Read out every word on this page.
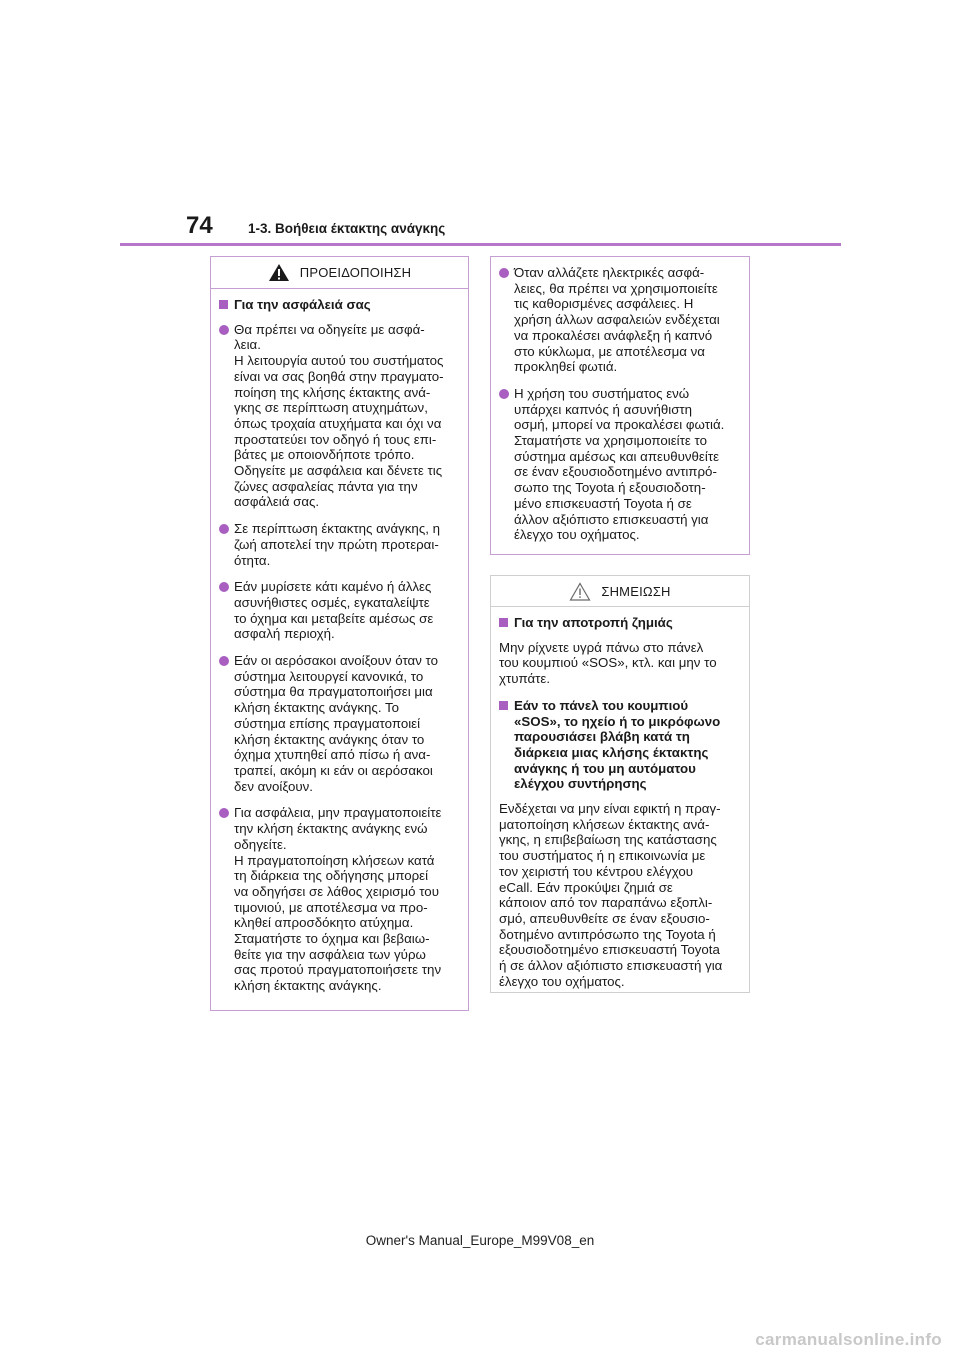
74	1-3. Βοήθεια έκτακτης ανάγκης
ΠΡΟΕΙΔΟΠΟΙΗΣΗ
Για την ασφάλειά σας
Θα πρέπει να οδηγείτε με ασφά-
λεια.
Η λειτουργία αυτού του συστήματος
είναι να σας βοηθά στην πραγματο-
ποίηση της κλήσης έκτακτης ανά-
γκης σε περίπτωση ατυχημάτων,
όπως τροχαία ατυχήματα και όχι να
προστατεύει τον οδηγό ή τους επι-
βάτες με οποιονδήποτε τρόπο.
Οδηγείτε με ασφάλεια και δένετε τις
ζώνες ασφαλείας πάντα για την
ασφάλειά σας.
Σε περίπτωση έκτακτης ανάγκης, η
ζωή αποτελεί την πρώτη προτεραι-
ότητα.
Εάν μυρίσετε κάτι καμένο ή άλλες
ασυνήθιστες οσμές, εγκαταλείψτε
το όχημα και μεταβείτε αμέσως σε
ασφαλή περιοχή.
Εάν οι αερόσακοι ανοίξουν όταν το
σύστημα λειτουργεί κανονικά, το
σύστημα θα πραγματοποιήσει μια
κλήση έκτακτης ανάγκης. Το
σύστημα επίσης πραγματοποιεί
κλήση έκτακτης ανάγκης όταν το
όχημα χτυπηθεί από πίσω ή ανα-
τραπεί, ακόμη κι εάν οι αερόσακοι
δεν ανοίξουν.
Για ασφάλεια, μην πραγματοποιείτε
την κλήση έκτακτης ανάγκης ενώ
οδηγείτε.
Η πραγματοποίηση κλήσεων κατά
τη διάρκεια της οδήγησης μπορεί
να οδηγήσει σε λάθος χειρισμό του
τιμονιού, με αποτέλεσμα να προ-
κληθεί απροσδόκητο ατύχημα.
Σταματήστε το όχημα και βεβαιω-
θείτε για την ασφάλεια των γύρω
σας προτού πραγματοποιήσετε την
κλήση έκτακτης ανάγκης.
Όταν αλλάζετε ηλεκτρικές ασφά-
λειες, θα πρέπει να χρησιμοποιείτε
τις καθορισμένες ασφάλειες. Η
χρήση άλλων ασφαλειών ενδέχεται
να προκαλέσει ανάφλεξη ή καπνό
στο κύκλωμα, με αποτέλεσμα να
προκληθεί φωτιά.
Η χρήση του συστήματος ενώ
υπάρχει καπνός ή ασυνήθιστη
οσμή, μπορεί να προκαλέσει φωτιά.
Σταματήστε να χρησιμοποιείτε το
σύστημα αμέσως και απευθυνθείτε
σε έναν εξουσιοδοτημένο αντιπρό-
σωπο της Toyota ή εξουσιοδοτη-
μένο επισκευαστή Toyota ή σε
άλλον αξιόπιστο επισκευαστή για
έλεγχο του οχήματος.
ΣΗΜΕΙΩΣΗ
Για την αποτροπή ζημιάς
Μην ρίχνετε υγρά πάνω στο πάνελ
του κουμπιού «SOS», κτλ. και μην το
χτυπάτε.
Εάν το πάνελ του κουμπιού
«SOS», το ηχείο ή το μικρόφωνο
παρουσιάσει βλάβη κατά τη
διάρκεια μιας κλήσης έκτακτης
ανάγκης ή του μη αυτόματου
ελέγχου συντήρησης
Ενδέχεται να μην είναι εφικτή η πραγ-
ματοποίηση κλήσεων έκτακτης ανά-
γκης, η επιβεβαίωση της κατάστασης
του συστήματος ή η επικοινωνία με
τον χειριστή του κέντρου ελέγχου
eCall. Εάν προκύψει ζημιά σε
κάποιον από τον παραπάνω εξοπλι-
σμό, απευθυνθείτε σε έναν εξουσιο-
δοτημένο αντιπρόσωπο της Toyota ή
εξουσιοδοτημένο επισκευαστή Toyota
ή σε άλλον αξιόπιστο επισκευαστή για
έλεγχο του οχήματος.
Owner's Manual_Europe_M99V08_en
carmanualsonline.info
